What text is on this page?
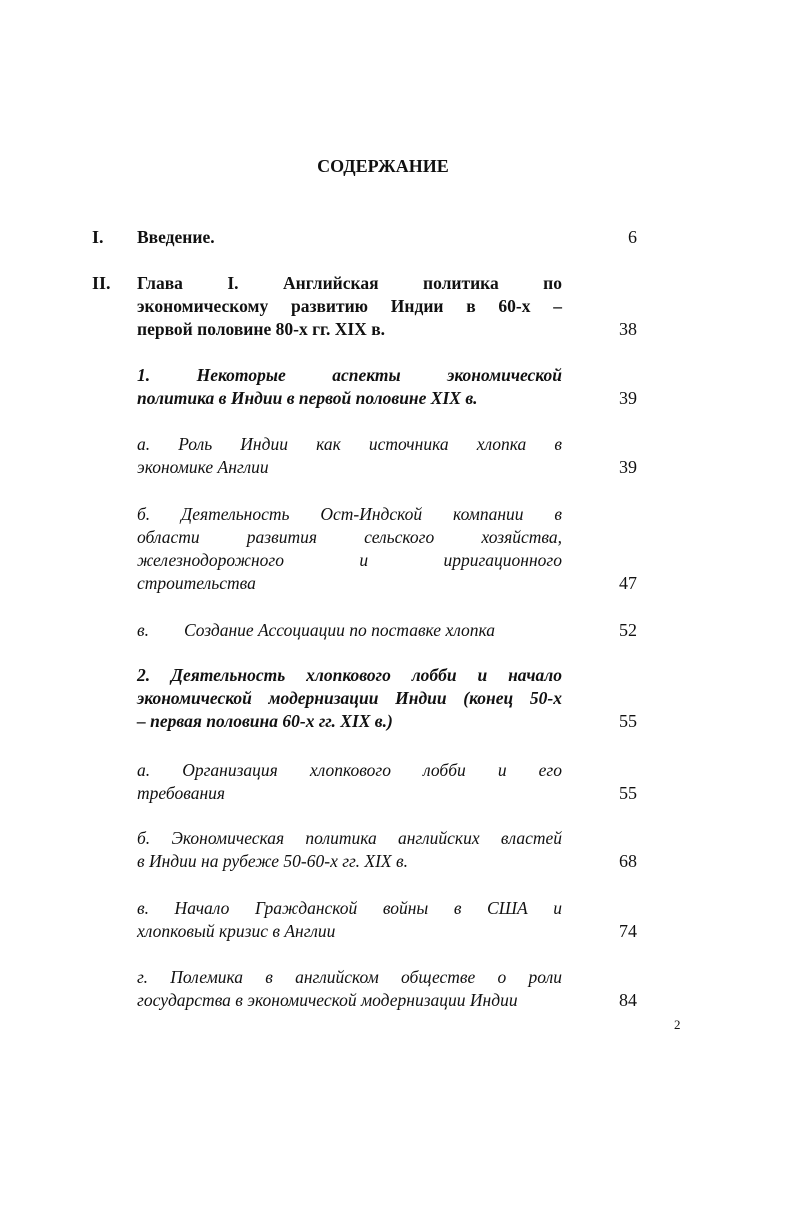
СОДЕРЖАНИЕ
I. Введение.	6
II. Глава I. Английская политика по
экономическому развитию Индии в 60-х –
первой половине 80-х гг. XIX в.	38
1. Некоторые аспекты экономической
политика в Индии в первой половине XIX в.	39
а. Роль Индии как источника хлопка в
экономике Англии	39
б. Деятельность Ост-Индской компании в
области развития сельского хозяйства,
железнодорожного и ирригационного
строительства	47
в.        Создание Ассоциации по поставке хлопка	52
2. Деятельность хлопкового лобби и начало
экономической модернизации Индии (конец 50-х
– первая половина 60-х гг. XIX в.)	55
а. Организация хлопкового лобби и его
требования	55
б. Экономическая политика английских властей
в Индии на рубеже 50-60-х гг. XIX в.	68
в. Начало Гражданской войны в США и
хлопковый кризис в Англии	74
г. Полемика в английском обществе о роли
государства в экономической модернизации Индии	84
2
